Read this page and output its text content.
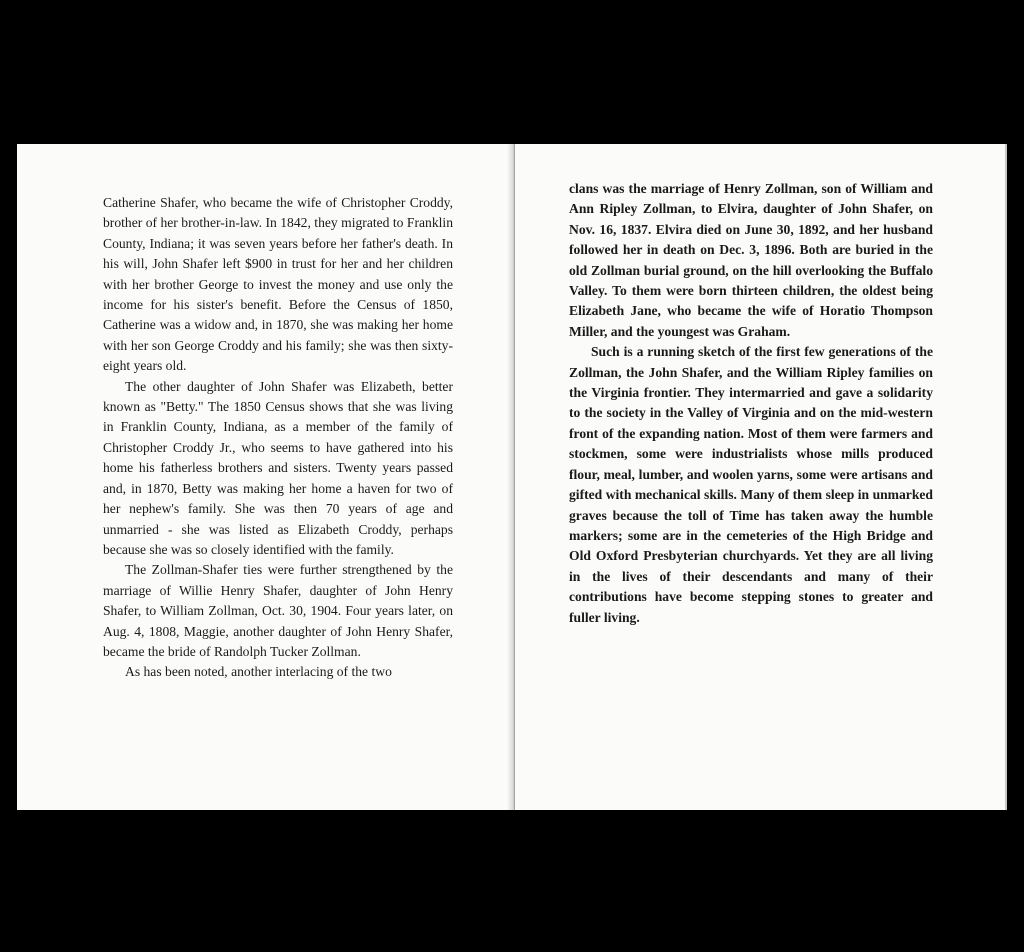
Catherine Shafer, who became the wife of Christopher Croddy, brother of her brother-in-law. In 1842, they migrated to Franklin County, Indiana; it was seven years before her father's death. In his will, John Shafer left $900 in trust for her and her children with her brother George to invest the money and use only the income for his sister's benefit. Before the Census of 1850, Catherine was a widow and, in 1870, she was making her home with her son George Croddy and his family; she was then sixty-eight years old.

The other daughter of John Shafer was Elizabeth, better known as "Betty." The 1850 Census shows that she was living in Franklin County, Indiana, as a member of the family of Christopher Croddy Jr., who seems to have gathered into his home his fatherless brothers and sisters. Twenty years passed and, in 1870, Betty was making her home a haven for two of her nephew's family. She was then 70 years of age and unmarried - she was listed as Elizabeth Croddy, perhaps because she was so closely identified with the family.

The Zollman-Shafer ties were further strengthened by the marriage of Willie Henry Shafer, daughter of John Henry Shafer, to William Zollman, Oct. 30, 1904. Four years later, on Aug. 4, 1808, Maggie, another daughter of John Henry Shafer, became the bride of Randolph Tucker Zollman.

As has been noted, another interlacing of the two

clans was the marriage of Henry Zollman, son of William and Ann Ripley Zollman, to Elvira, daughter of John Shafer, on Nov. 16, 1837. Elvira died on June 30, 1892, and her husband followed her in death on Dec. 3, 1896. Both are buried in the old Zollman burial ground, on the hill overlooking the Buffalo Valley. To them were born thirteen children, the oldest being Elizabeth Jane, who became the wife of Horatio Thompson Miller, and the youngest was Graham.

Such is a running sketch of the first few generations of the Zollman, the John Shafer, and the William Ripley families on the Virginia frontier. They intermarried and gave a solidarity to the society in the Valley of Virginia and on the mid-western front of the expanding nation. Most of them were farmers and stockmen, some were industrialists whose mills produced flour, meal, lumber, and woolen yarns, some were artisans and gifted with mechanical skills. Many of them sleep in unmarked graves because the toll of Time has taken away the humble markers; some are in the cemeteries of the High Bridge and Old Oxford Presbyterian churchyards. Yet they are all living in the lives of their descendants and many of their contributions have become stepping stones to greater and fuller living.
